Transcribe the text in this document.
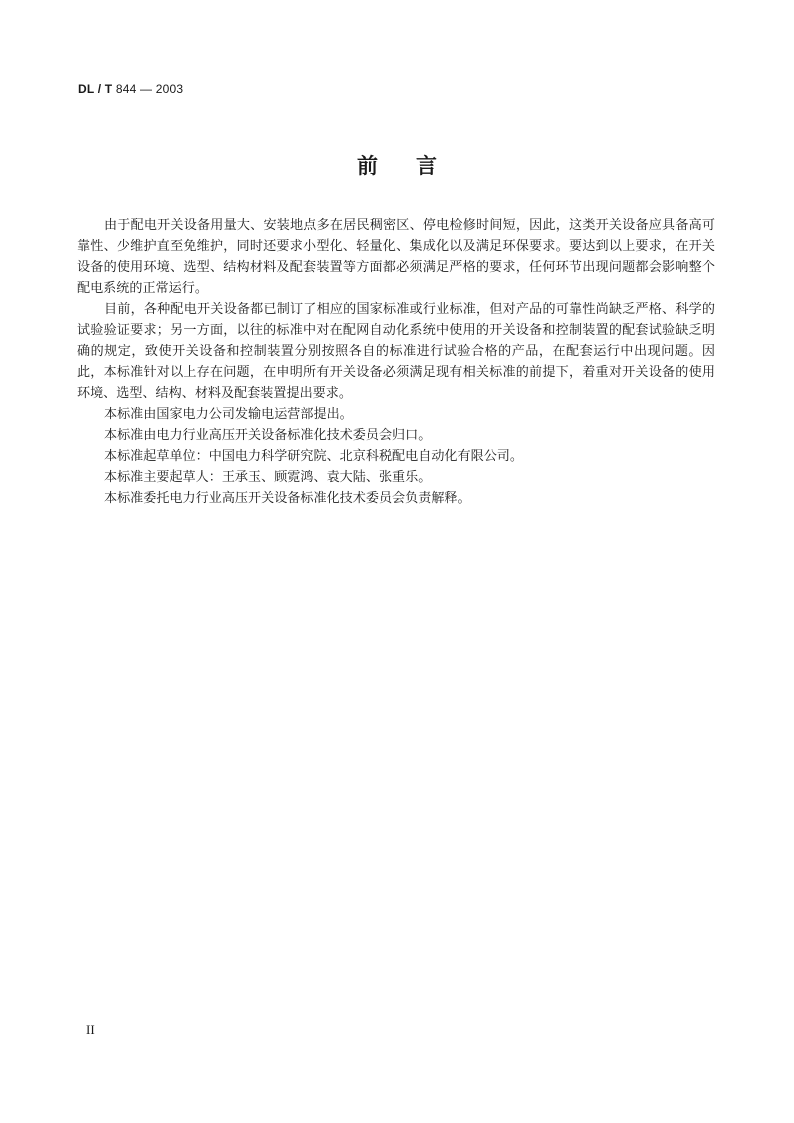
DL / T 844 — 2003
前言

由于配电开关设备用量大、安装地点多在居民稠密区、停电检修时间短，因此，这类开关设备应具备高可靠性、少维护直至免维护，同时还要求小型化、轻量化、集成化以及满足环保要求。要达到以上要求，在开关设备的使用环境、选型、结构材料及配套装置等方面都必须满足严格的要求，任何环节出现问题都会影响整个配电系统的正常运行。

目前，各种配电开关设备都已制订了相应的国家标准或行业标准，但对产品的可靠性尚缺乏严格、科学的试验验证要求；另一方面，以往的标准中对在配网自动化系统中使用的开关设备和控制装置的配套试验缺乏明确的规定，致使开关设备和控制装置分别按照各自的标准进行试验合格的产品，在配套运行中出现问题。因此，本标准针对以上存在问题，在申明所有开关设备必须满足现有相关标准的前提下，着重对开关设备的使用环境、选型、结构、材料及配套装置提出要求。

本标准由国家电力公司发输电运营部提出。

本标准由电力行业高压开关设备标准化技术委员会归口。

本标准起草单位：中国电力科学研究院、北京科税配电自动化有限公司。

本标准主要起草人：王承玉、顾霓鸿、袁大陆、张重乐。

本标准委托电力行业高压开关设备标准化技术委员会负责解释。

II
